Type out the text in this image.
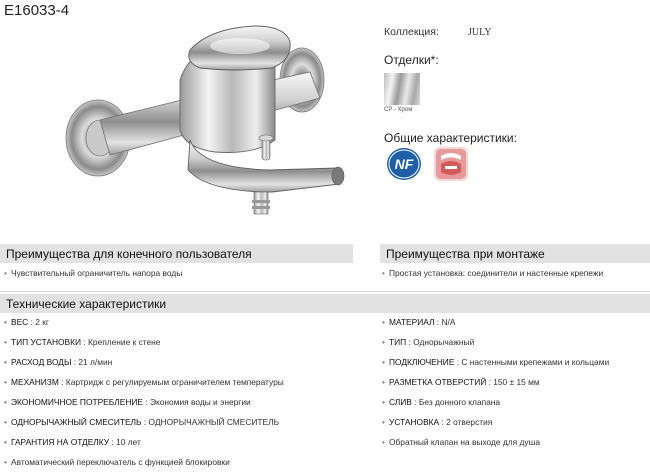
E16033-4
Коллекция:	JULY
Отделки*:
CP - Хром
Общие характеристики:
NF
Преимущества для конечного пользователя
• Чувствительный ограничитель напора воды
Преимущества при монтаже
• Простая установка: соединители и настенные крепежи
Технические характеристики
• ВЕС : 2 кг
• ТИП УСТАНОВКИ : Крепление к стене
• РАСХОД ВОДЫ : 21 л/мин
• МЕХАНИЗМ : Картридж с регулируемым ограничителем температуры
• ЭКОНОМИЧНОЕ ПОТРЕБЛЕНИЕ : Экономия воды и энергии
• ОДНОРЫЧАЖНЫЙ СМЕСИТЕЛЬ : ОДНОРЫЧАЖНЫЙ СМЕСИТЕЛЬ
• ГАРАНТИЯ НА ОТДЕЛКУ : 10 лет
• Автоматический переключатель с функцией блокировки
• МАТЕРИАЛ : N/A
• ТИП : Однорычажный
• ПОДКЛЮЧЕНИЕ : С настенными крепежами и кольцами
• РАЗМЕТКА ОТВЕРСТИЙ : 150 ± 15 мм
• СЛИВ : Без донного клапана
• УСТАНОВКА : 2 отверстия
• Обратный клапан на выходе для душа
